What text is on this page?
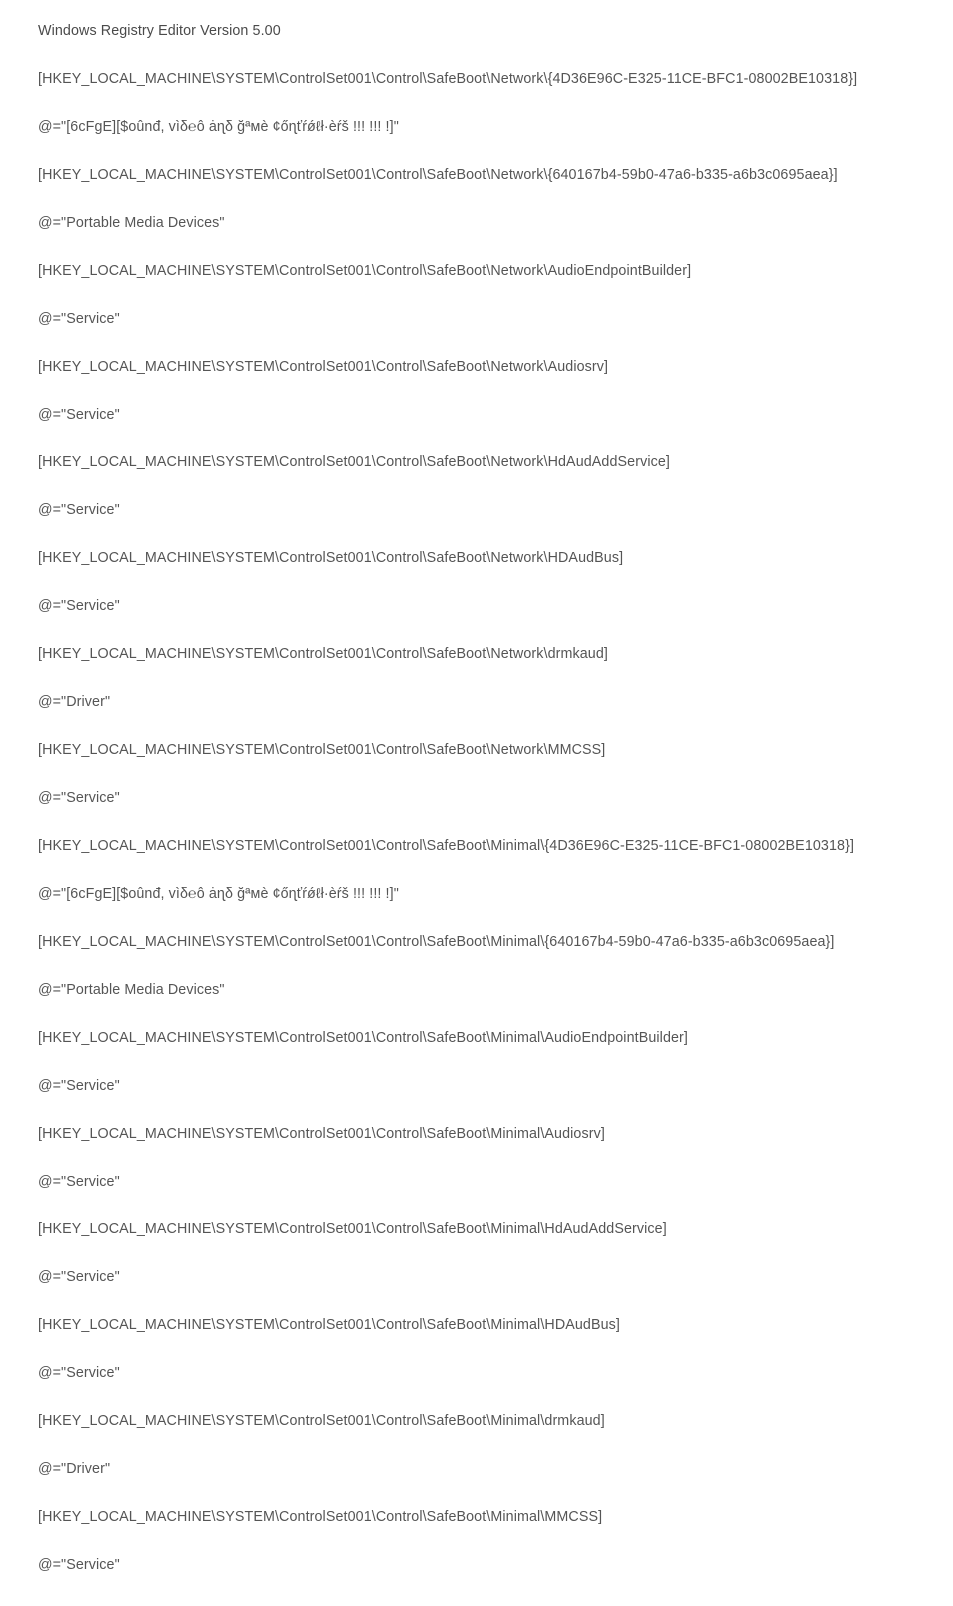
Windows Registry Editor Version 5.00
[HKEY_LOCAL_MACHINE\SYSTEM\ControlSet001\Control\SafeBoot\Network\{4D36E96C-E325-11CE-BFC1-08002BE10318}]
@="[6cFgE][$oûnđ, vìδ℮ô ȧɳδ ğªмè ¢őɳťŕǿℓł·èŕš !!! !!! !]"
[HKEY_LOCAL_MACHINE\SYSTEM\ControlSet001\Control\SafeBoot\Network\{640167b4-59b0-47a6-b335-a6b3c0695aea}]
@="Portable Media Devices"
[HKEY_LOCAL_MACHINE\SYSTEM\ControlSet001\Control\SafeBoot\Network\AudioEndpointBuilder]
@="Service"
[HKEY_LOCAL_MACHINE\SYSTEM\ControlSet001\Control\SafeBoot\Network\Audiosrv]
@="Service"
[HKEY_LOCAL_MACHINE\SYSTEM\ControlSet001\Control\SafeBoot\Network\HdAudAddService]
@="Service"
[HKEY_LOCAL_MACHINE\SYSTEM\ControlSet001\Control\SafeBoot\Network\HDAudBus]
@="Service"
[HKEY_LOCAL_MACHINE\SYSTEM\ControlSet001\Control\SafeBoot\Network\drmkaud]
@="Driver"
[HKEY_LOCAL_MACHINE\SYSTEM\ControlSet001\Control\SafeBoot\Network\MMCSS]
@="Service"
[HKEY_LOCAL_MACHINE\SYSTEM\ControlSet001\Control\SafeBoot\Minimal\{4D36E96C-E325-11CE-BFC1-08002BE10318}]
@="[6cFgE][$oûnđ, vìδ℮ô ȧɳδ ğªмè ¢őɳťŕǿℓł·èŕš !!! !!! !]"
[HKEY_LOCAL_MACHINE\SYSTEM\ControlSet001\Control\SafeBoot\Minimal\{640167b4-59b0-47a6-b335-a6b3c0695aea}]
@="Portable Media Devices"
[HKEY_LOCAL_MACHINE\SYSTEM\ControlSet001\Control\SafeBoot\Minimal\AudioEndpointBuilder]
@="Service"
[HKEY_LOCAL_MACHINE\SYSTEM\ControlSet001\Control\SafeBoot\Minimal\Audiosrv]
@="Service"
[HKEY_LOCAL_MACHINE\SYSTEM\ControlSet001\Control\SafeBoot\Minimal\HdAudAddService]
@="Service"
[HKEY_LOCAL_MACHINE\SYSTEM\ControlSet001\Control\SafeBoot\Minimal\HDAudBus]
@="Service"
[HKEY_LOCAL_MACHINE\SYSTEM\ControlSet001\Control\SafeBoot\Minimal\drmkaud]
@="Driver"
[HKEY_LOCAL_MACHINE\SYSTEM\ControlSet001\Control\SafeBoot\Minimal\MMCSS]
@="Service"
